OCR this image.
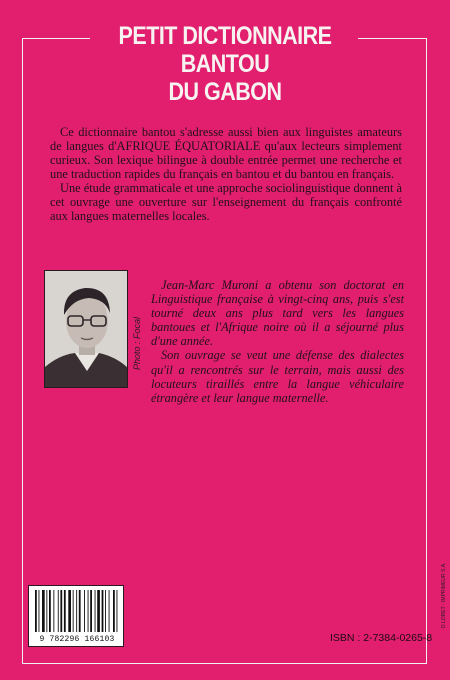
PETIT DICTIONNAIRE
BANTOU
DU GABON

Ce dictionnaire bantou s'adresse aussi bien aux linguistes amateurs de langues d'AFRIQUE ÉQUATORIALE qu'aux lecteurs simplement curieux. Son lexique bilingue à double entrée permet une recherche et une traduction rapides du français en bantou et du bantou en français.

Une étude grammaticale et une approche sociolinguistique donnent à cet ouvrage une ouverture sur l'enseignement du français confronté aux langues maternelles locales.

Photo : Focal

Jean-Marc Muroni a obtenu son doctorat en Linguistique française à vingt-cinq ans, puis s'est tourné deux ans plus tard vers les langues bantoues et l'Afrique noire où il a séjourné plus d'une année.

Son ouvrage se veut une défense des dialectes qu'il a rencontrés sur le terrain, mais aussi des locuteurs tiraillés entre la langue véhiculaire étrangère et leur langue maternelle.

9 782296 166103	ISBN : 2-7384-0265-8
D LORET · IMPRIMEUR S.A.
